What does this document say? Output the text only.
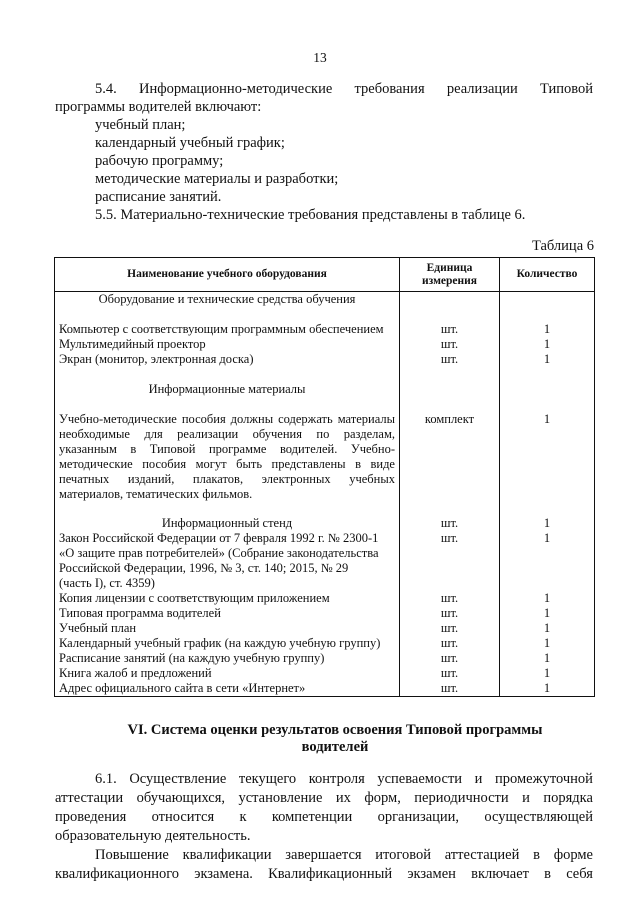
13
5.4. Информационно-методические требования реализации Типовой
программы водителей включают:
учебный план;
календарный учебный график;
рабочую программу;
методические материалы и разработки;
расписание занятий.
5.5. Материально-технические требования представлены в таблице 6.
Таблица 6
Наименование учебного оборудования	Единица измерения	Количество
Оборудование и технические средства обучения		

Компьютер с соответствующим программным обеспечением	шт.	1
Мультимедийный проектор	шт.	1
Экран (монитор, электронная доска)	шт.	1

Информационные материалы		

Учебно-методические пособия должны содержать материалы необходимые для реализации обучения по разделам, указанным в Типовой программе водителей. Учебно-методические пособия могут быть представлены в виде печатных изданий, плакатов, электронных учебных материалов, тематических фильмов.	комплект	1

Информационный стенд	шт.	1

Закон Российской Федерации от 7 февраля 1992 г. № 2300-1
«О защите прав потребителей» (Собрание законодательства
Российской Федерации, 1996, № 3, ст. 140; 2015, № 29
(часть I), ст. 4359)	шт.	1
Копия лицензии с соответствующим приложением	шт.	1
Типовая программа водителей	шт.	1
Учебный план	шт.	1
Календарный учебный график (на каждую учебную группу)	шт.	1
Расписание занятий (на каждую учебную группу)	шт.	1
Книга жалоб и предложений	шт.	1
Адрес официального сайта в сети «Интернет»	шт.	1
VI. Система оценки результатов освоения Типовой программы водителей
6.1. Осуществление текущего контроля успеваемости и промежуточной
аттестации обучающихся, установление их форм, периодичности и порядка
проведения относится к компетенции организации, осуществляющей
образовательную деятельность.
Повышение квалификации завершается итоговой аттестацией в форме
квалификационного экзамена. Квалификационный экзамен включает в себя
